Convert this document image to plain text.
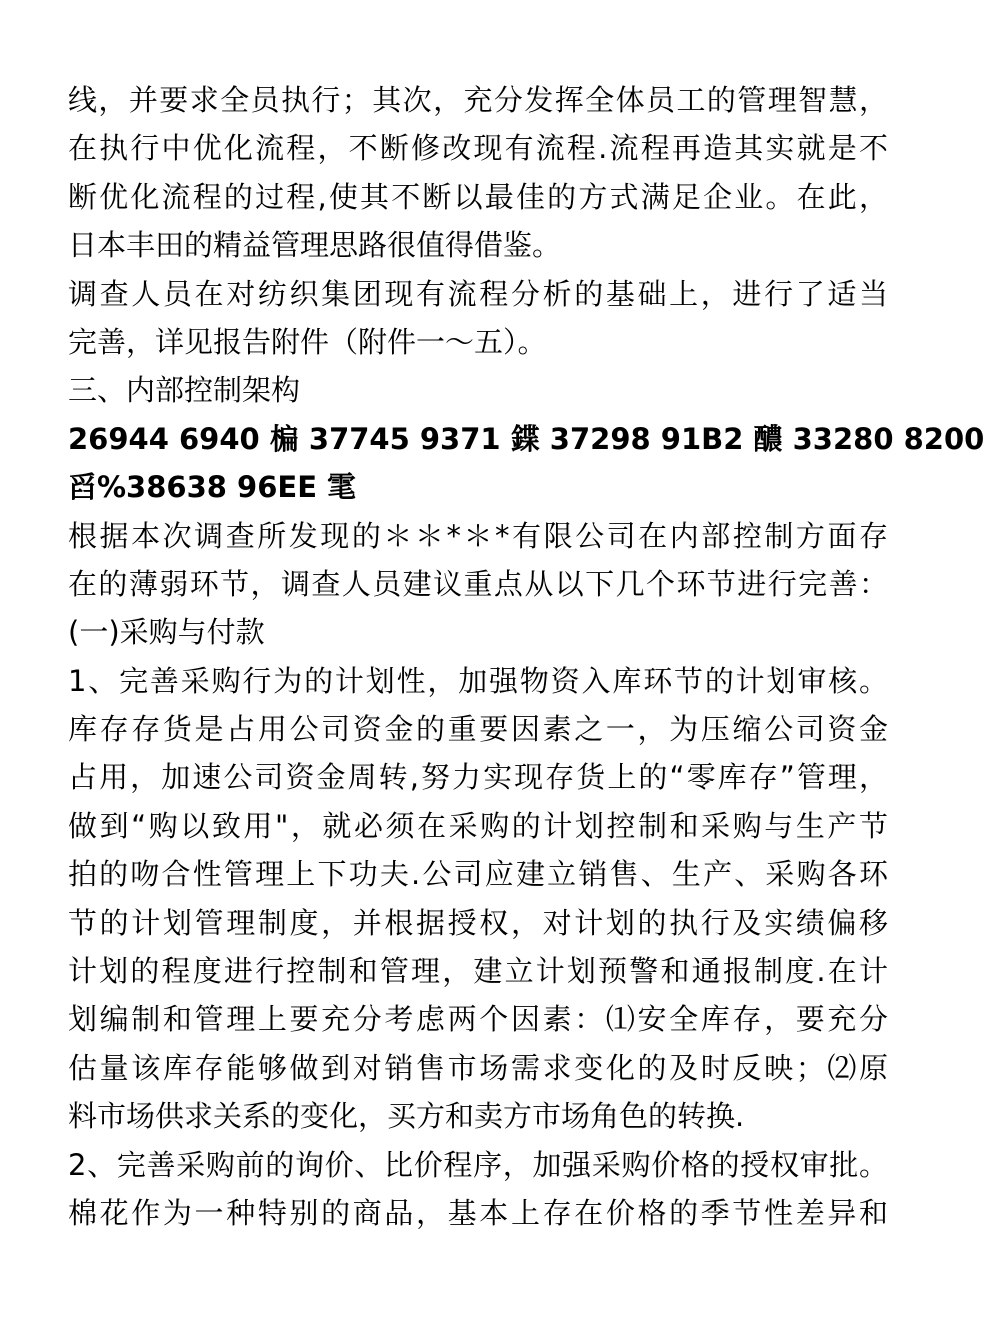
线，并要求全员执行；其次，充分发挥全体员工的管理智慧，
在执行中优化流程，不断修改现有流程.流程再造其实就是不
断优化流程的过程,使其不断以最佳的方式满足企业。在此，
日本丰田的精益管理思路很值得借鉴。
调查人员在对纺织集团现有流程分析的基础上，进行了适当
完善，详见报告附件（附件一～五）。
三、内部控制架构
26944 6940 楄 37745 9371 鍱 37298 91B2 醲 33280 8200
舀%38638 96EE 雮
根据本次调查所发现的＊＊*＊*有限公司在内部控制方面存
在的薄弱环节，调查人员建议重点从以下几个环节进行完善：
(一)采购与付款
1、完善采购行为的计划性，加强物资入库环节的计划审核。
库存存货是占用公司资金的重要因素之一，为压缩公司资金
占用，加速公司资金周转,努力实现存货上的“零库存”管理，
做到“购以致用"，就必须在采购的计划控制和采购与生产节
拍的吻合性管理上下功夫.公司应建立销售、生产、采购各环
节的计划管理制度，并根据授权，对计划的执行及实绩偏移
计划的程度进行控制和管理，建立计划预警和通报制度.在计
划编制和管理上要充分考虑两个因素：⑴安全库存，要充分
估量该库存能够做到对销售市场需求变化的及时反映；⑵原
料市场供求关系的变化，买方和卖方市场角色的转换.
2、完善采购前的询价、比价程序，加强采购价格的授权审批。
棉花作为一种特别的商品，基本上存在价格的季节性差异和
